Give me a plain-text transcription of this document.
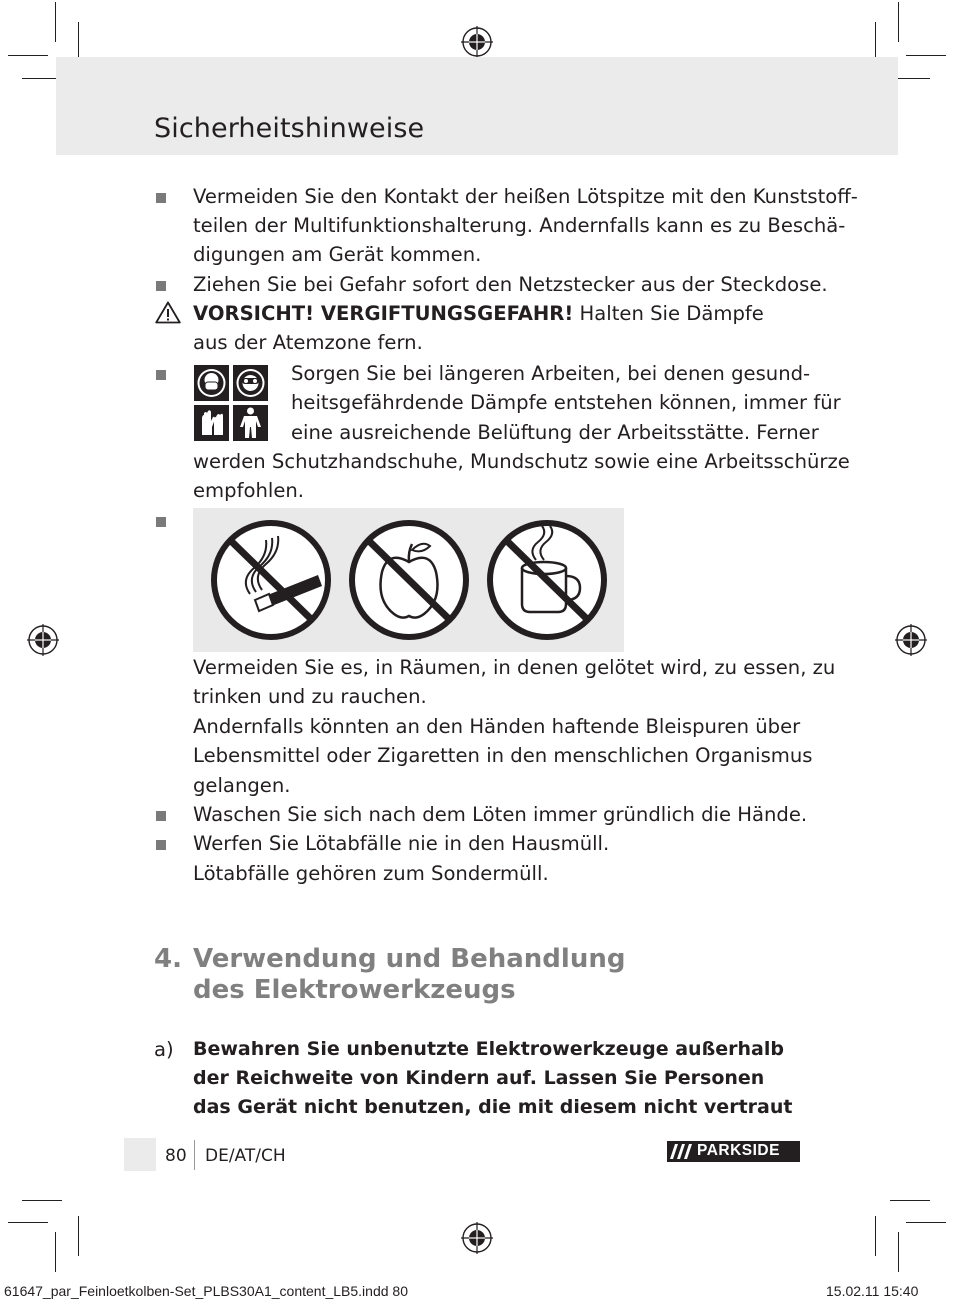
Sicherheitshinweise
Vermeiden Sie den Kontakt der heißen Lötspitze mit den Kunststoff-
teilen der Multifunktionshalterung. Andernfalls kann es zu Beschä-
digungen am Gerät kommen.
Ziehen Sie bei Gefahr sofort den Netzstecker aus der Steckdose.
VORSICHT! VERGIFTUNGSGEFAHR! Halten Sie Dämpfe
aus der Atemzone fern.
Sorgen Sie bei längeren Arbeiten, bei denen gesund-
heitsgefährdende Dämpfe entstehen können, immer für
eine ausreichende Belüftung der Arbeitsstätte. Ferner
werden Schutzhandschuhe, Mundschutz sowie eine Arbeitsschürze
empfohlen.
Vermeiden Sie es, in Räumen, in denen gelötet wird, zu essen, zu
trinken und zu rauchen.
Andernfalls könnten an den Händen haftende Bleispuren über
Lebensmittel oder Zigaretten in den menschlichen Organismus
gelangen.
Waschen Sie sich nach dem Löten immer gründlich die Hände.
Werfen Sie Lötabfälle nie in den Hausmüll.
Lötabfälle gehören zum Sondermüll.
4. Verwendung und Behandlung
des Elektrowerkzeugs
a) Bewahren Sie unbenutzte Elektrowerkzeuge außerhalb
der Reichweite von Kindern auf. Lassen Sie Personen
das Gerät nicht benutzen, die mit diesem nicht vertraut
80 DE/AT/CH	PARKSIDE
61647_par_Feinloetkolben-Set_PLBS30A1_content_LB5.indd 80	15.02.11 15:40
